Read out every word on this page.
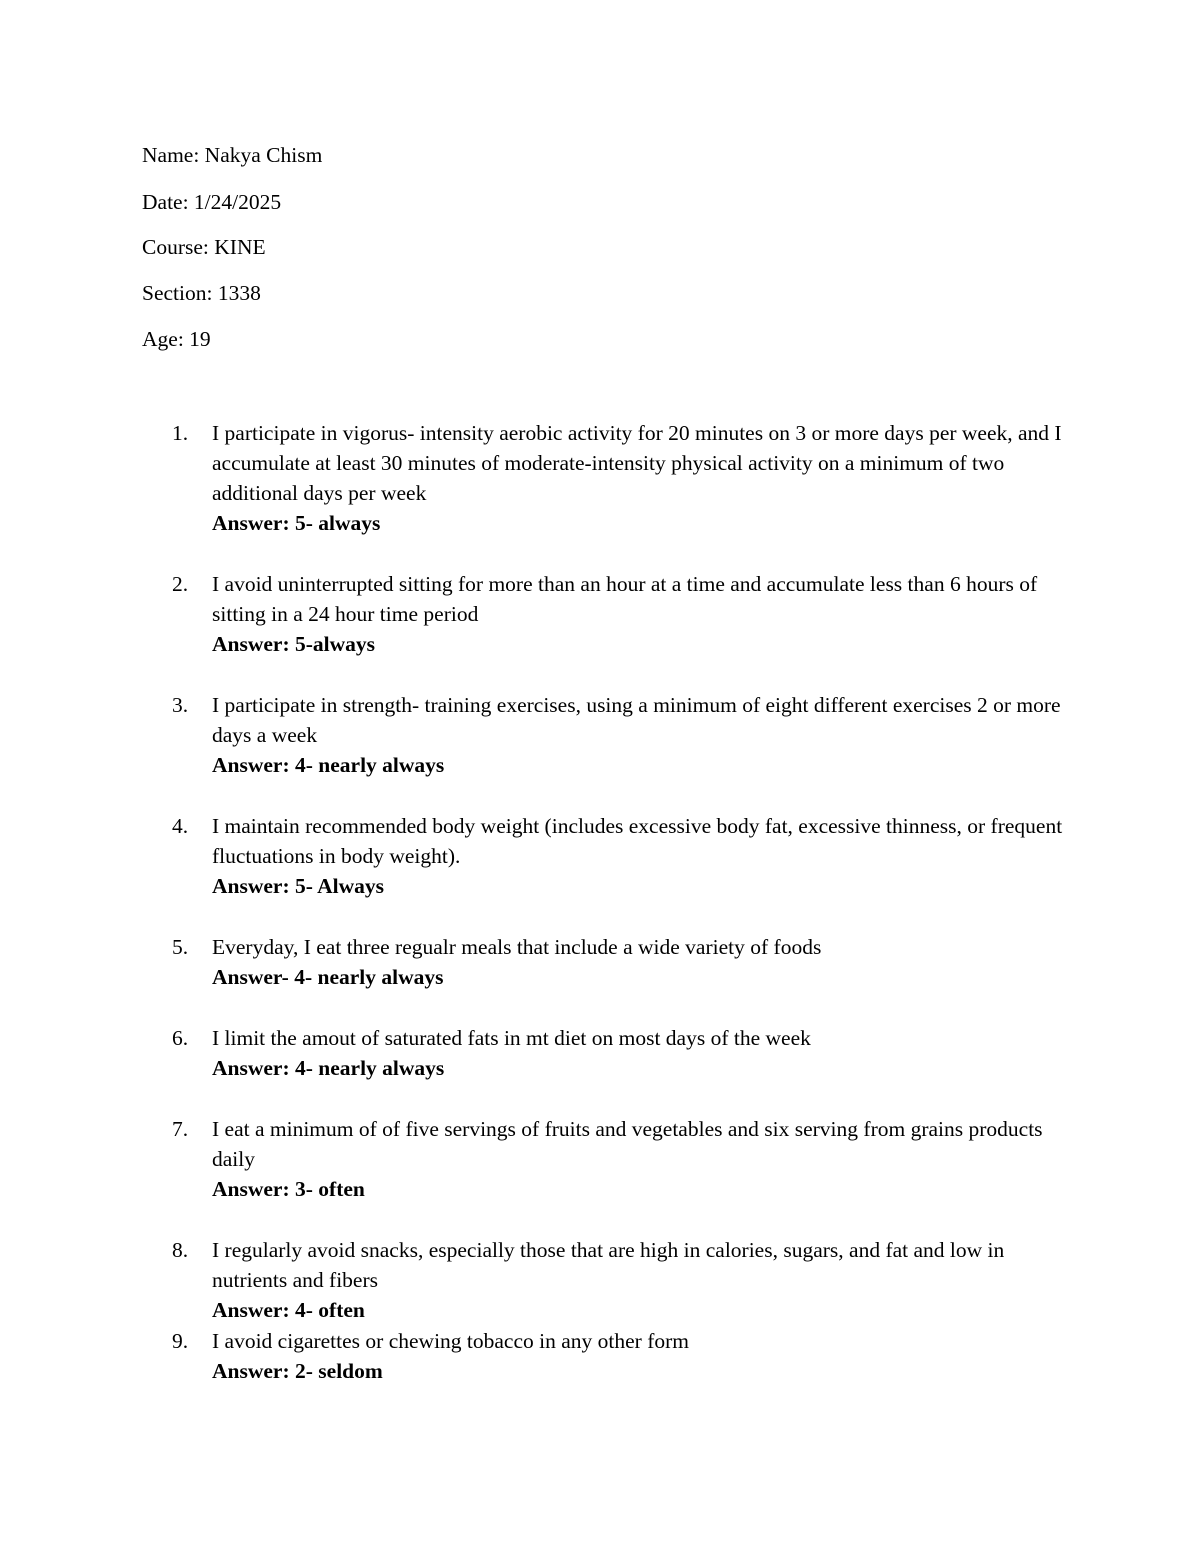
Name: Nakya Chism

Date: 1/24/2025

Course: KINE

Section: 1338

Age: 19

1. I participate in vigorus- intensity aerobic activity for 20 minutes on 3 or more days per week, and I accumulate at least 30 minutes of moderate-intensity physical activity on a minimum of two additional days per week
Answer: 5- always
2. I avoid uninterrupted sitting for more than an hour at a time and accumulate less than 6 hours of sitting in a 24 hour time period
Answer: 5-always
3. I participate in strength- training exercises, using a minimum of eight different exercises 2 or more days a week
Answer: 4- nearly always
4. I maintain recommended body weight (includes excessive body fat, excessive thinness, or frequent fluctuations in body weight).
Answer: 5- Always
5. Everyday, I eat three regualr meals that include a wide variety of foods
Answer- 4- nearly always
6. I limit the amout of saturated fats in mt diet on most days of the week
Answer: 4- nearly always
7. I eat a minimum of of five servings of fruits and vegetables and six serving from grains products daily
Answer: 3- often
8. I regularly avoid snacks, especially those that are high in calories, sugars, and fat and low in nutrients and fibers
Answer: 4- often
9. I avoid cigarettes or chewing tobacco in any other form
Answer: 2- seldom
